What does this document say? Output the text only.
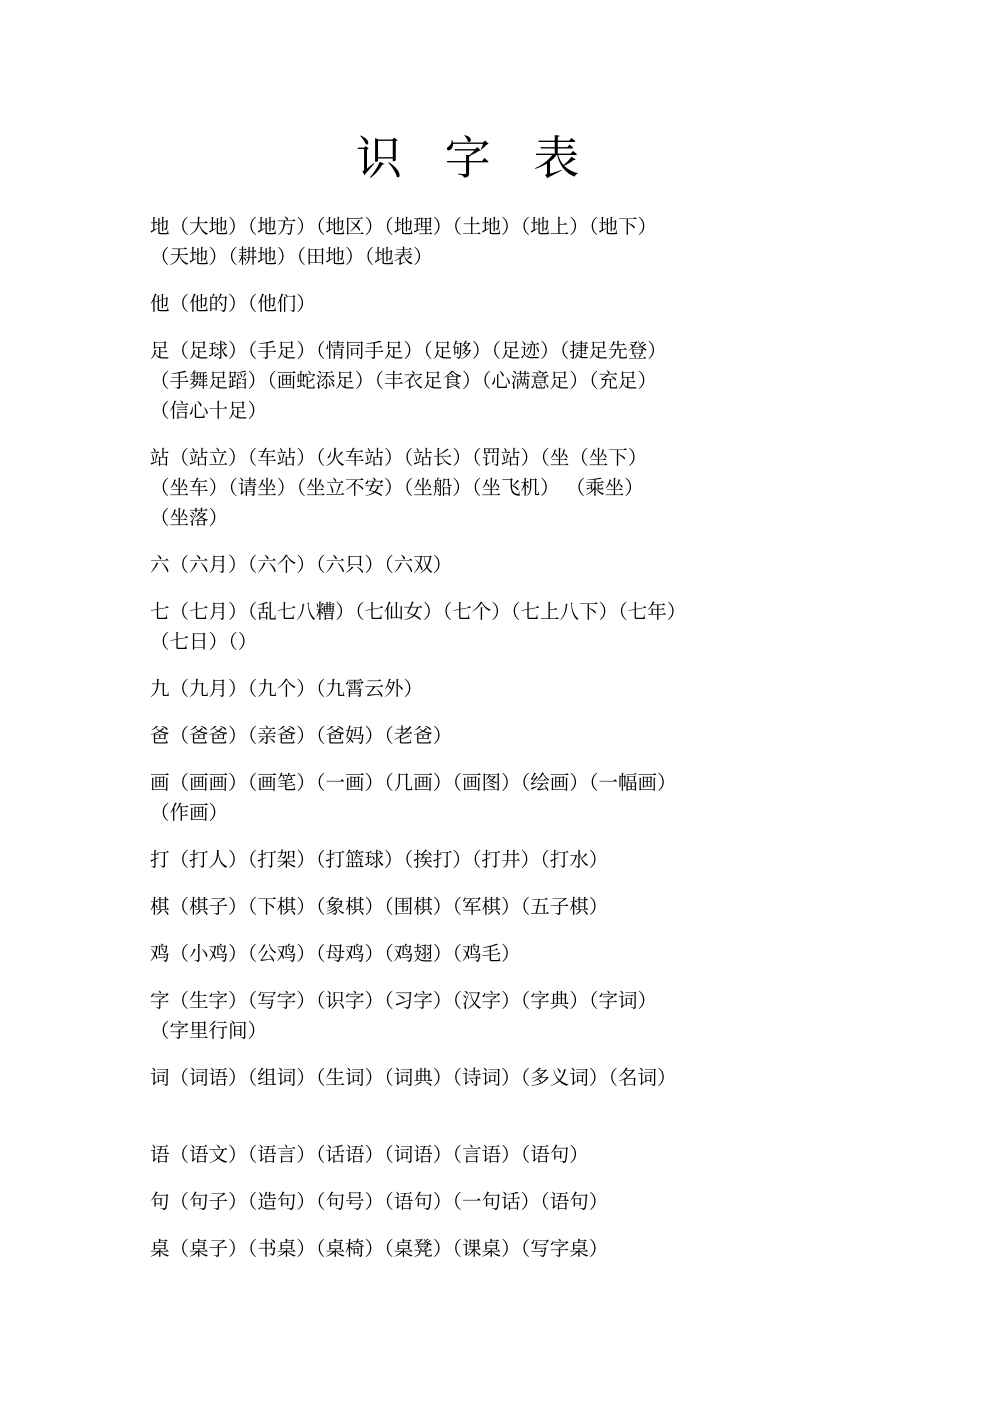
识 字 表
地（大地）（地方）（地区）（地理）（土地）（地上）（地下）
（天地）（耕地）（田地）（地表）
他（他的）（他们）
足（足球）（手足）（情同手足）（足够）（足迹）（捷足先登）
（手舞足蹈）（画蛇添足）（丰衣足食）（心满意足）（充足）
（信心十足）
站（站立）（车站）（火车站）（站长）（罚站）（坐（坐下）
（坐车）（请坐）（坐立不安）（坐船）（坐飞机） （乘坐）
（坐落）
六（六月）（六个）（六只）（六双）
七（七月）（乱七八糟）（七仙女）（七个）（七上八下）（七年）
（七日）（）
九（九月）（九个）（九霄云外）
爸（爸爸）（亲爸）（爸妈）（老爸）
画（画画）（画笔）（一画）（几画）（画图）（绘画）（一幅画）
（作画）
打（打人）（打架）（打篮球）（挨打）（打井）（打水）
棋（棋子）（下棋）（象棋）（围棋）（军棋）（五子棋）
鸡（小鸡）（公鸡）（母鸡）（鸡翅）（鸡毛）
字（生字）（写字）（识字）（习字）（汉字）（字典）（字词）
（字里行间）
词（词语）（组词）（生词）（词典）（诗词）（多义词）（名词）
语（语文）（语言）（话语）（词语）（言语）（语句）
句（句子）（造句）（句号）（语句）（一句话）（语句）
桌（桌子）（书桌）（桌椅）（桌凳）（课桌）（写字桌）
